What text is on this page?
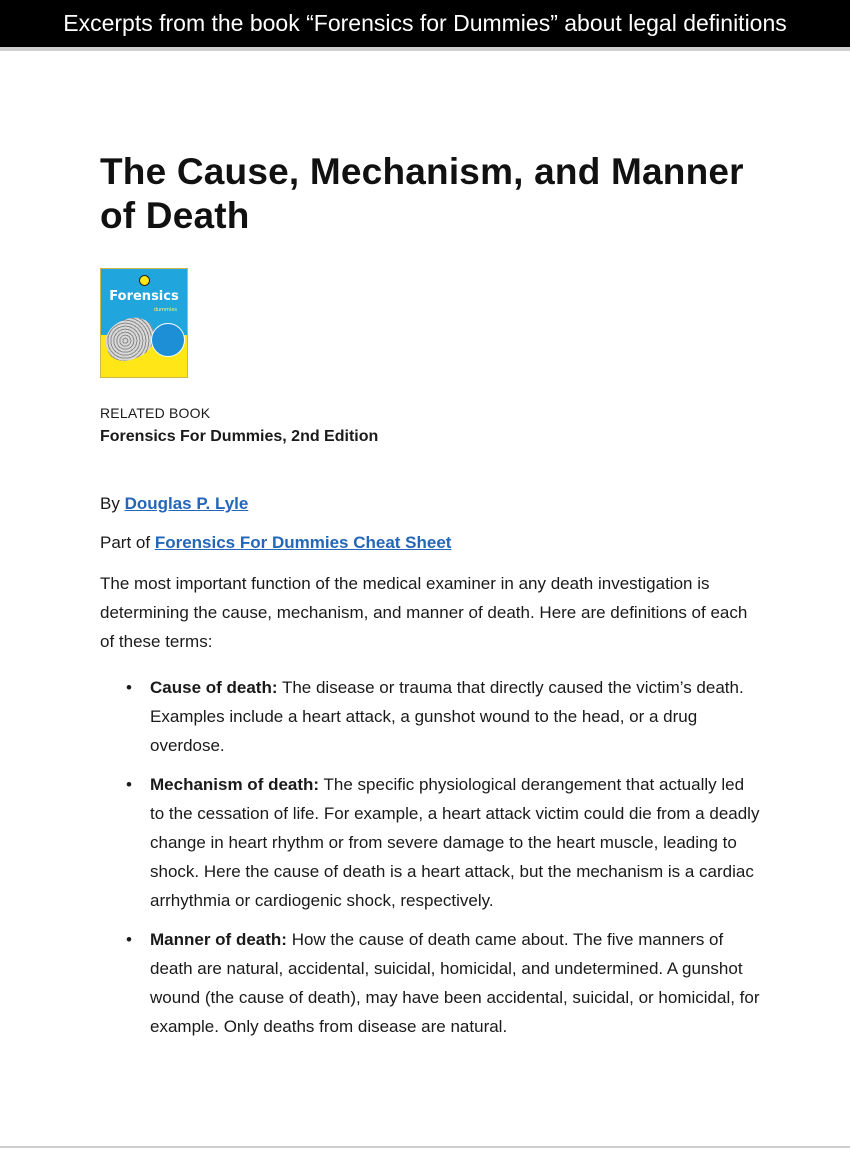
Excerpts from the book “Forensics for Dummies” about legal definitions
The Cause, Mechanism, and Manner of Death
Forensics
dummies
RELATED BOOK
Forensics For Dummies, 2nd Edition
By Douglas P. Lyle
Part of Forensics For Dummies Cheat Sheet

The most important function of the medical examiner in any death investigation is determining the cause, mechanism, and manner of death. Here are definitions of each of these terms:

• Cause of death: The disease or trauma that directly caused the victim’s death. Examples include a heart attack, a gunshot wound to the head, or a drug overdose.
• Mechanism of death: The specific physiological derangement that actually led to the cessation of life. For example, a heart attack victim could die from a deadly change in heart rhythm or from severe damage to the heart muscle, leading to shock. Here the cause of death is a heart attack, but the mechanism is a cardiac arrhythmia or cardiogenic shock, respectively.
• Manner of death: How the cause of death came about. The five manners of death are natural, accidental, suicidal, homicidal, and undetermined. A gunshot wound (the cause of death), may have been accidental, suicidal, or homicidal, for example. Only deaths from disease are natural.
